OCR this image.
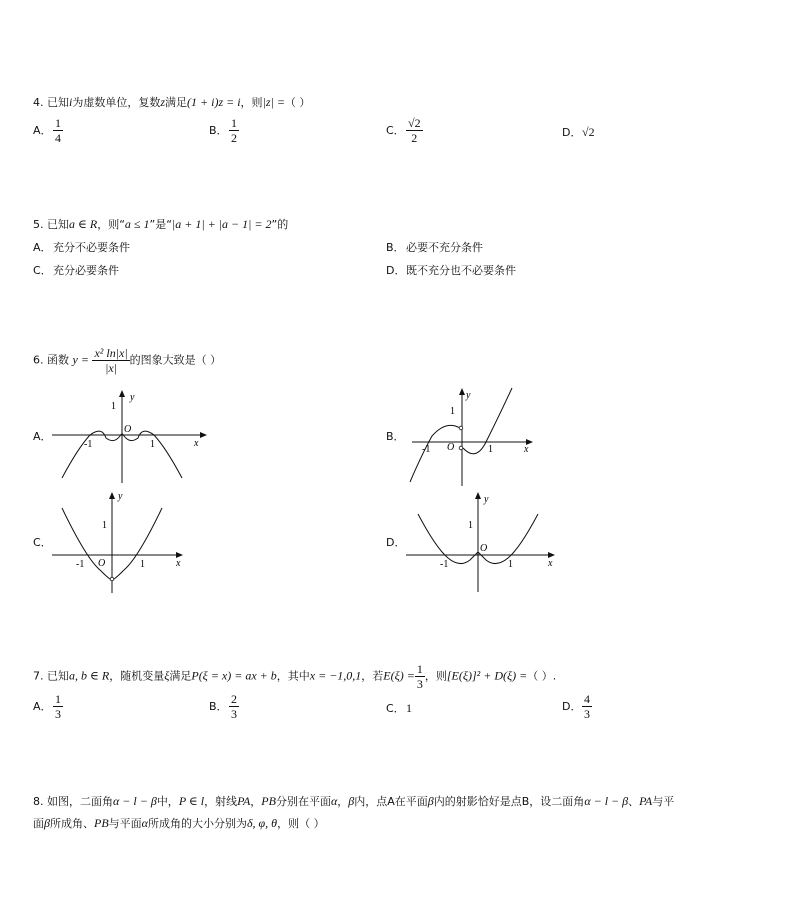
4. 已知i为虚数单位，复数z满足(1 + i)z = i，则|z| =（ ）
A． $\frac{1}{4}$	B． $\frac{1}{2}$	C． $\frac{√2}{2}$	D．√2
5. 已知a ∈ R，则“a ≤ 1”是“|a + 1| + |a − 1| = 2”的
A．充分不必要条件	B．必要不充分条件
C．充分必要条件	D．既不充分也不必要条件
6. 函数 $y = \frac{\text{x² ln|x|}}{|x|}$ 的图象大致是（ ）
A．
y
x
O
1
-1	1
B．
y
x
O
1
-1	1
C．
y
x
O
1
-1	1
D．
y
x
O
1
-1	1
7. 已知a, b ∈ R，随机变量ξ满足P(ξ = x) = ax + b，其中x = −1,0,1，若$E(\xi) = \frac{1}{3}$ ，则[E(ξ)]² + D(ξ) =（ ）.
A． $\frac{1}{3}$	B． $\frac{2}{3}$	C．1	D． $\frac{4}{3}$
8. 如图，二面角α − l − β中，P ∈ l，射线PA，PB分别在平面α，β内，点A在平面β内的射影恰好是点B，设二面角α − l − β、PA与平
面β所成角、PB与平面α所成角的大小分别为δ, φ, θ，则（ ）
